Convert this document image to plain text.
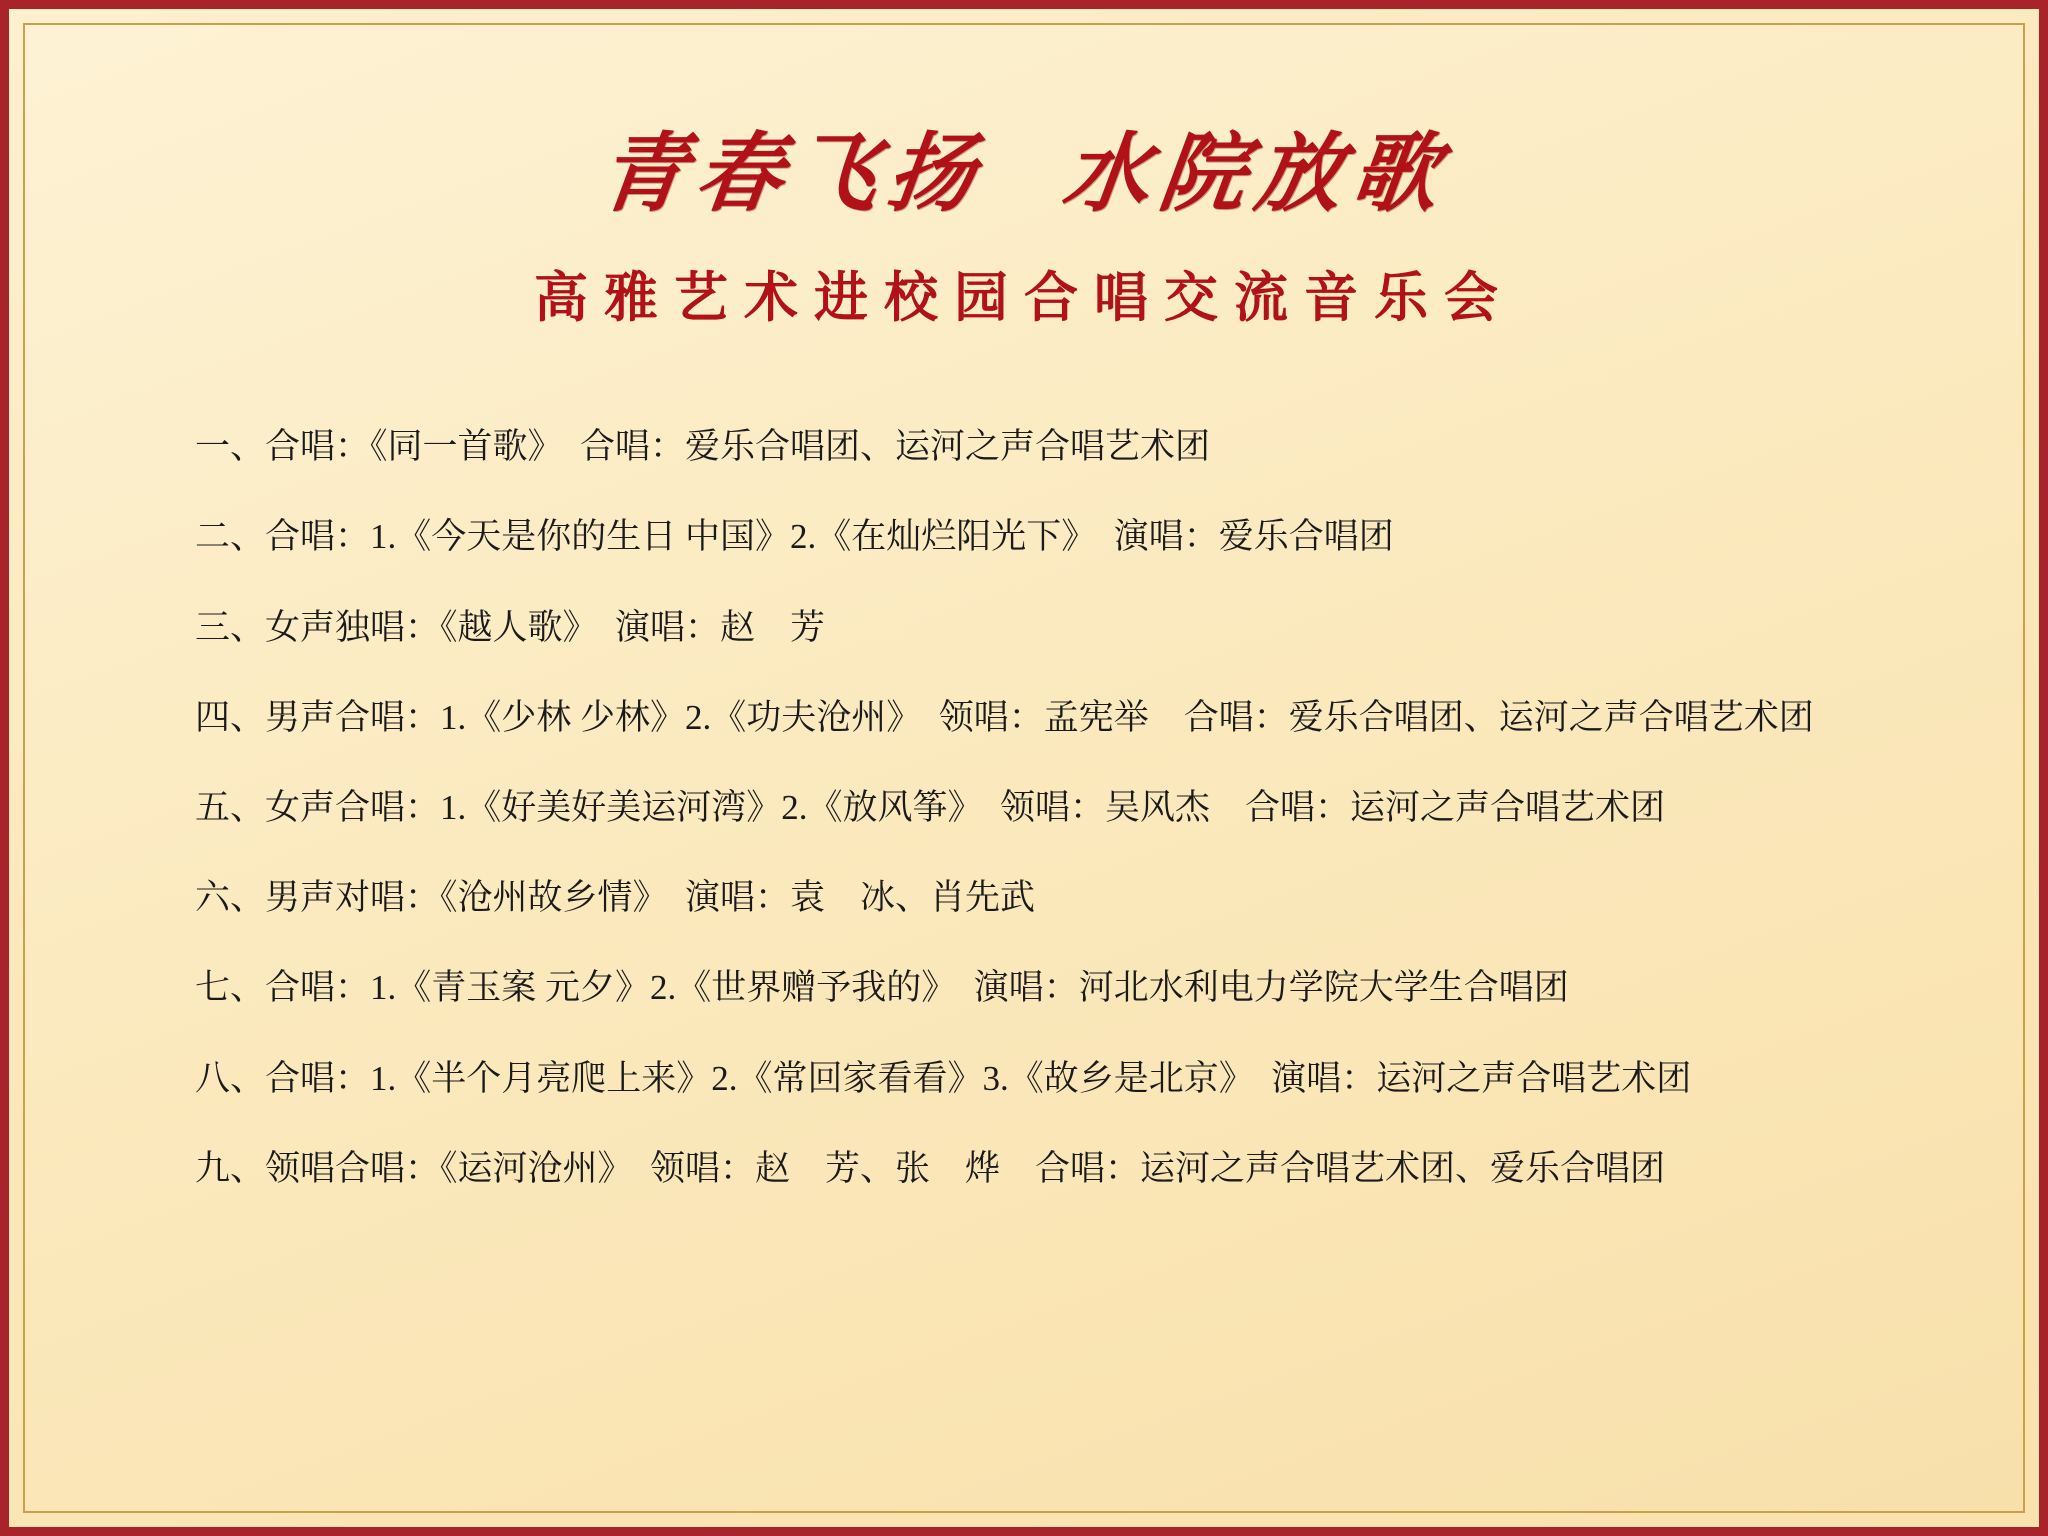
青春飞扬  水院放歌
高雅艺术进校园合唱交流音乐会
一、合唱：《同一首歌》　合唱：爱乐合唱团、运河之声合唱艺术团
二、合唱：1.《今天是你的生日 中国》2.《在灿烂阳光下》　演唱：爱乐合唱团
三、女声独唱：《越人歌》　演唱：赵　芳
四、男声合唱：1.《少林 少林》2.《功夫沧州》　领唱：孟宪举　合唱：爱乐合唱团、运河之声合唱艺术团
五、女声合唱：1.《好美好美运河湾》2.《放风筝》　领唱：吴风杰　合唱：运河之声合唱艺术团
六、男声对唱：《沧州故乡情》　演唱：袁　冰、肖先武
七、合唱：1.《青玉案 元夕》2.《世界赠予我的》　演唱：河北水利电力学院大学生合唱团
八、合唱：1.《半个月亮爬上来》2.《常回家看看》3.《故乡是北京》　演唱：运河之声合唱艺术团
九、领唱合唱：《运河沧州》　领唱：赵　芳、张　烨　合唱：运河之声合唱艺术团、爱乐合唱团
